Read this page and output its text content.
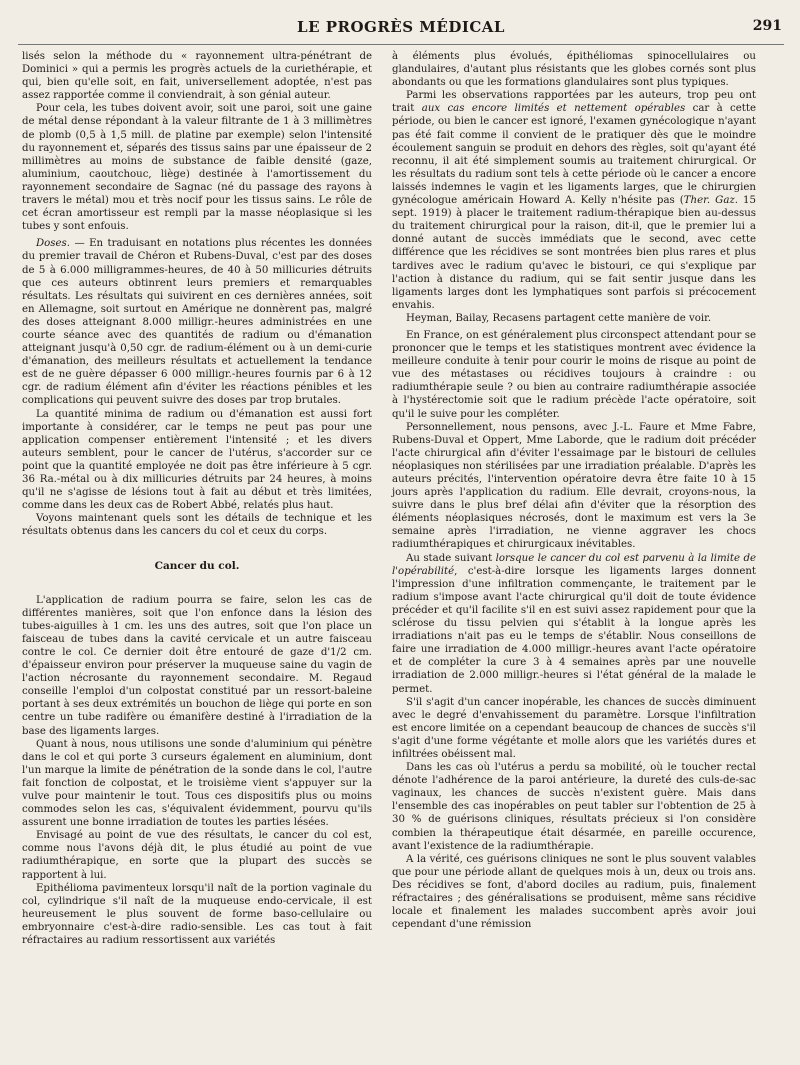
LE PROGRÈS MÉDICAL	291

lisés selon la méthode du « rayonnement ultra-pénétrant de Dominici » qui a permis les progrès actuels de la curiethérapie, et qui, bien qu'elle soit, en fait, universellement adoptée, n'est pas assez rapportée comme il conviendrait, à son génial auteur.

Pour cela, les tubes doivent avoir, soit une paroi, soit une gaine de métal dense répondant à la valeur filtrante de 1 à 3 millimètres de plomb (0,5 à 1,5 mill. de platine par exemple) selon l'intensité du rayonnement et, séparés des tissus sains par une épaisseur de 2 millimètres au moins de substance de faible densité (gaze, aluminium, caoutchouc, liège) destinée à l'amortissement du rayonnement secondaire de Sagnac (né du passage des rayons à travers le métal) mou et très nocif pour les tissus sains. Le rôle de cet écran amortisseur est rempli par la masse néoplasique si les tubes y sont enfouis.

Doses. — En traduisant en notations plus récentes les données du premier travail de Chéron et Rubens-Duval, c'est par des doses de 5 à 6.000 milligrammes-heures, de 40 à 50 millicuries détruits que ces auteurs obtinrent leurs premiers et remarquables résultats. Les résultats qui suivirent en ces dernières années, soit en Allemagne, soit surtout en Amérique ne donnèrent pas, malgré des doses atteignant 8.000 milligr.-heures administrées en une courte séance avec des quantités de radium ou d'émanation atteignant jusqu'à 0,50 cgr. de radium-élément ou à un demi-curie d'émanation, des meilleurs résultats et actuellement la tendance est de ne guère dépasser 6 000 milligr.-heures fournis par 6 à 12 cgr. de radium élément afin d'éviter les réactions pénibles et les complications qui peuvent suivre des doses par trop brutales.

La quantité minima de radium ou d'émanation est aussi fort importante à considérer, car le temps ne peut pas pour une application compenser entièrement l'intensité ; et les divers auteurs semblent, pour le cancer de l'utérus, s'accorder sur ce point que la quantité employée ne doit pas être inférieure à 5 cgr. 36 Ra.-métal ou à dix millicuries détruits par 24 heures, à moins qu'il ne s'agisse de lésions tout à fait au début et très limitées, comme dans les deux cas de Robert Abbé, relatés plus haut.

Voyons maintenant quels sont les détails de technique et les résultats obtenus dans les cancers du col et ceux du corps.

Cancer du col.

L'application de radium pourra se faire, selon les cas de différentes manières, soit que l'on enfonce dans la lésion des tubes-aiguilles à 1 cm. les uns des autres, soit que l'on place un faisceau de tubes dans la cavité cervicale et un autre faisceau contre le col. Ce dernier doit être entouré de gaze d'1/2 cm. d'épaisseur environ pour préserver la muqueuse saine du vagin de l'action nécrosante du rayonnement secondaire. M. Regaud conseille l'emploi d'un colpostat constitué par un ressort-baleine portant à ses deux extrémités un bouchon de liège qui porte en son centre un tube radifère ou émanifère destiné à l'irradiation de la base des ligaments larges.

Quant à nous, nous utilisons une sonde d'aluminium qui pénètre dans le col et qui porte 3 curseurs également en aluminium, dont l'un marque la limite de pénétration de la sonde dans le col, l'autre fait fonction de colpostat, et le troisième vient s'appuyer sur la vulve pour maintenir le tout. Tous ces dispositifs plus ou moins commodes selon les cas, s'équivalent évidemment, pourvu qu'ils assurent une bonne irradiation de toutes les parties lésées.

Envisagé au point de vue des résultats, le cancer du col est, comme nous l'avons déjà dit, le plus étudié au point de vue radiumthérapique, en sorte que la plupart des succès se rapportent à lui.

Epithélioma pavimenteux lorsqu'il naît de la portion vaginale du col, cylindrique s'il naît de la muqueuse endo-cervicale, il est heureusement le plus souvent de forme baso-cellulaire ou embryonnaire c'est-à-dire radio-sensible. Les cas tout à fait réfractaires au radium ressortissent aux variétés

à éléments plus évolués, épithéliomas spinocellulaires ou glandulaires, d'autant plus résistants que les globes cornés sont plus abondants ou que les formations glandulaires sont plus typiques.

Parmi les observations rapportées par les auteurs, trop peu ont trait aux cas encore limités et nettement opérables car à cette période, ou bien le cancer est ignoré, l'examen gynécologique n'ayant pas été fait comme il convient de le pratiquer dès que le moindre écoulement sanguin se produit en dehors des règles, soit qu'ayant été reconnu, il ait été simplement soumis au traitement chirurgical. Or les résultats du radium sont tels à cette période où le cancer a encore laissés indemnes le vagin et les ligaments larges, que le chirurgien gynécologue américain Howard A. Kelly n'hésite pas (Ther. Gaz. 15 sept. 1919) à placer le traitement radium-thérapique bien au-dessus du traitement chirurgical pour la raison, dit-il, que le premier lui a donné autant de succès immédiats que le second, avec cette différence que les récidives se sont montrées bien plus rares et plus tardives avec le radium qu'avec le bistouri, ce qui s'explique par l'action à distance du radium, qui se fait sentir jusque dans les ligaments larges dont les lymphatiques sont parfois si précocement envahis.

Heyman, Bailay, Recasens partagent cette manière de voir.

En France, on est généralement plus circonspect attendant pour se prononcer que le temps et les statistiques montrent avec évidence la meilleure conduite à tenir pour courir le moins de risque au point de vue des métastases ou récidives toujours à craindre : ou radiumthérapie seule ? ou bien au contraire radiumthérapie associée à l'hystérectomie soit que le radium précède l'acte opératoire, soit qu'il le suive pour les compléter.

Personnellement, nous pensons, avec J.-L. Faure et Mme Fabre, Rubens-Duval et Oppert, Mme Laborde, que le radium doit précéder l'acte chirurgical afin d'éviter l'essaimage par le bistouri de cellules néoplasiques non stérilisées par une irradiation préalable. D'après les auteurs précités, l'intervention opératoire devra être faite 10 à 15 jours après l'application du radium. Elle devrait, croyons-nous, la suivre dans le plus bref délai afin d'éviter que la résorption des éléments néoplasiques nécrosés, dont le maximum est vers la 3e semaine après l'irradiation, ne vienne aggraver les chocs radiumthérapiques et chirurgicaux inévitables.

Au stade suivant lorsque le cancer du col est parvenu à la limite de l'opérabilité, c'est-à-dire lorsque les ligaments larges donnent l'impression d'une infiltration commençante, le traitement par le radium s'impose avant l'acte chirurgical qu'il doit de toute évidence précéder et qu'il facilite s'il en est suivi assez rapidement pour que la sclérose du tissu pelvien qui s'établit à la longue après les irradiations n'ait pas eu le temps de s'établir. Nous conseillons de faire une irradiation de 4.000 milligr.-heures avant l'acte opératoire et de compléter la cure 3 à 4 semaines après par une nouvelle irradiation de 2.000 milligr.-heures si l'état général de la malade le permet.

S'il s'agit d'un cancer inopérable, les chances de succès diminuent avec le degré d'envahissement du paramètre. Lorsque l'infiltration est encore limitée on a cependant beaucoup de chances de succès s'il s'agit d'une forme végétante et molle alors que les variétés dures et infiltrées obéissent mal.

Dans les cas où l'utérus a perdu sa mobilité, où le toucher rectal dénote l'adhérence de la paroi antérieure, la dureté des culs-de-sac vaginaux, les chances de succès n'existent guère. Mais dans l'ensemble des cas inopérables on peut tabler sur l'obtention de 25 à 30 % de guérisons cliniques, résultats précieux si l'on considère combien la thérapeutique était désarmée, en pareille occurence, avant l'existence de la radiumthérapie.

A la vérité, ces guérisons cliniques ne sont le plus souvent valables que pour une période allant de quelques mois à un, deux ou trois ans. Des récidives se font, d'abord dociles au radium, puis, finalement réfractaires ; des généralisations se produisent, même sans récidive locale et finalement les malades succombent après avoir joui cependant d'une rémission
